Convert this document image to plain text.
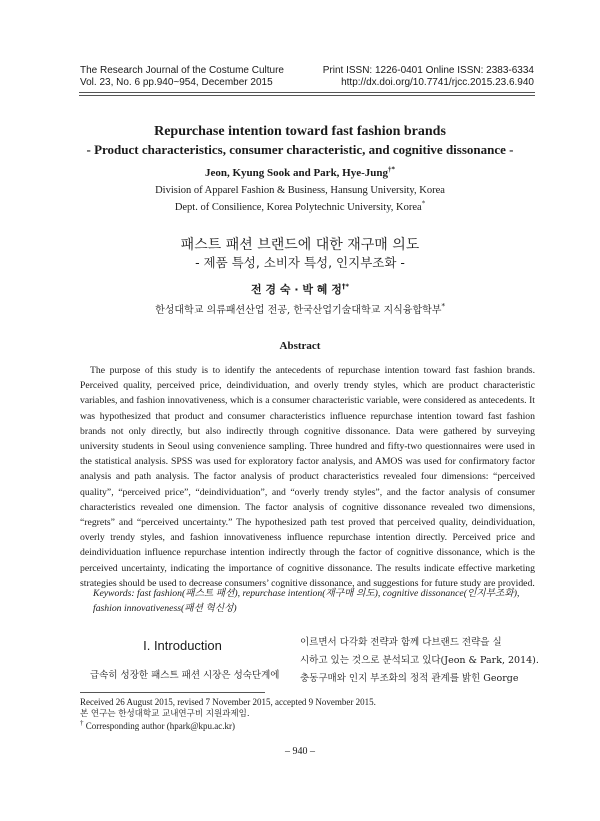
The Research Journal of the Costume Culture
Vol. 23, No. 6 pp.940~954, December 2015
Print ISSN: 1226-0401 Online ISSN: 2383-6334
http://dx.doi.org/10.7741/rjcc.2015.23.6.940
Repurchase intention toward fast fashion brands
- Product characteristics, consumer characteristic, and cognitive dissonance -
Jeon, Kyung Sook and Park, Hye-Jung†*
Division of Apparel Fashion & Business, Hansung University, Korea
Dept. of Consilience, Korea Polytechnic University, Korea*
패스트 패션 브랜드에 대한 재구매 의도
- 제품 특성, 소비자 특성, 인지부조화 -
전 경 숙 · 박 혜 정†*
한성대학교 의류패션산업 전공, 한국산업기술대학교 지식융합학부*
Abstract

The purpose of this study is to identify the antecedents of repurchase intention toward fast fashion brands. Perceived quality, perceived price, deindividuation, and overly trendy styles, which are product characteristic variables, and fashion innovativeness, which is a consumer characteristic variable, were considered as antecedents. It was hypothesized that product and consumer characteristics influence repurchase intention toward fast fashion brands not only directly, but also indirectly through cognitive dissonance. Data were gathered by surveying university students in Seoul using convenience sampling. Three hundred and fifty-two questionnaires were used in the statistical analysis. SPSS was used for exploratory factor analysis, and AMOS was used for confirmatory factor analysis and path analysis. The factor analysis of product characteristics revealed four dimensions: “perceived quality”, “perceived price”, “deindividuation”, and “overly trendy styles”, and the factor analysis of consumer characteristics revealed one dimension. The factor analysis of cognitive dissonance revealed two dimensions, “regrets” and “perceived uncertainty.” The hypothesized path test proved that perceived quality, deindividuation, overly trendy styles, and fashion innovativeness influence repurchase intention directly. Perceived price and deindividuation influence repurchase intention indirectly through the factor of cognitive dissonance, which is the perceived uncertainty, indicating the importance of cognitive dissonance. The results indicate effective marketing strategies should be used to decrease consumers’ cognitive dissonance, and suggestions for future study are provided.

Keywords: fast fashion(패스트 패션), repurchase intention(재구매 의도), cognitive dissonance(인지부조화), fashion innovativeness(패션 혁신성)

I. Introduction

급속히 성장한 패스트 패션 시장은 성숙단계에

이르면서 다각화 전략과 함께 다브랜드 전략을 실
시하고 있는 것으로 분석되고 있다(Jeon & Park, 2014).
충동구매와 인지 부조화의 정적 관계를 밝힌 George
Received 26 August 2015, revised 7 November 2015, accepted 9 November 2015.
본 연구는 한성대학교 교내연구비 지원과제임.
† Corresponding author (hpark@kpu.ac.kr)
– 940 –
